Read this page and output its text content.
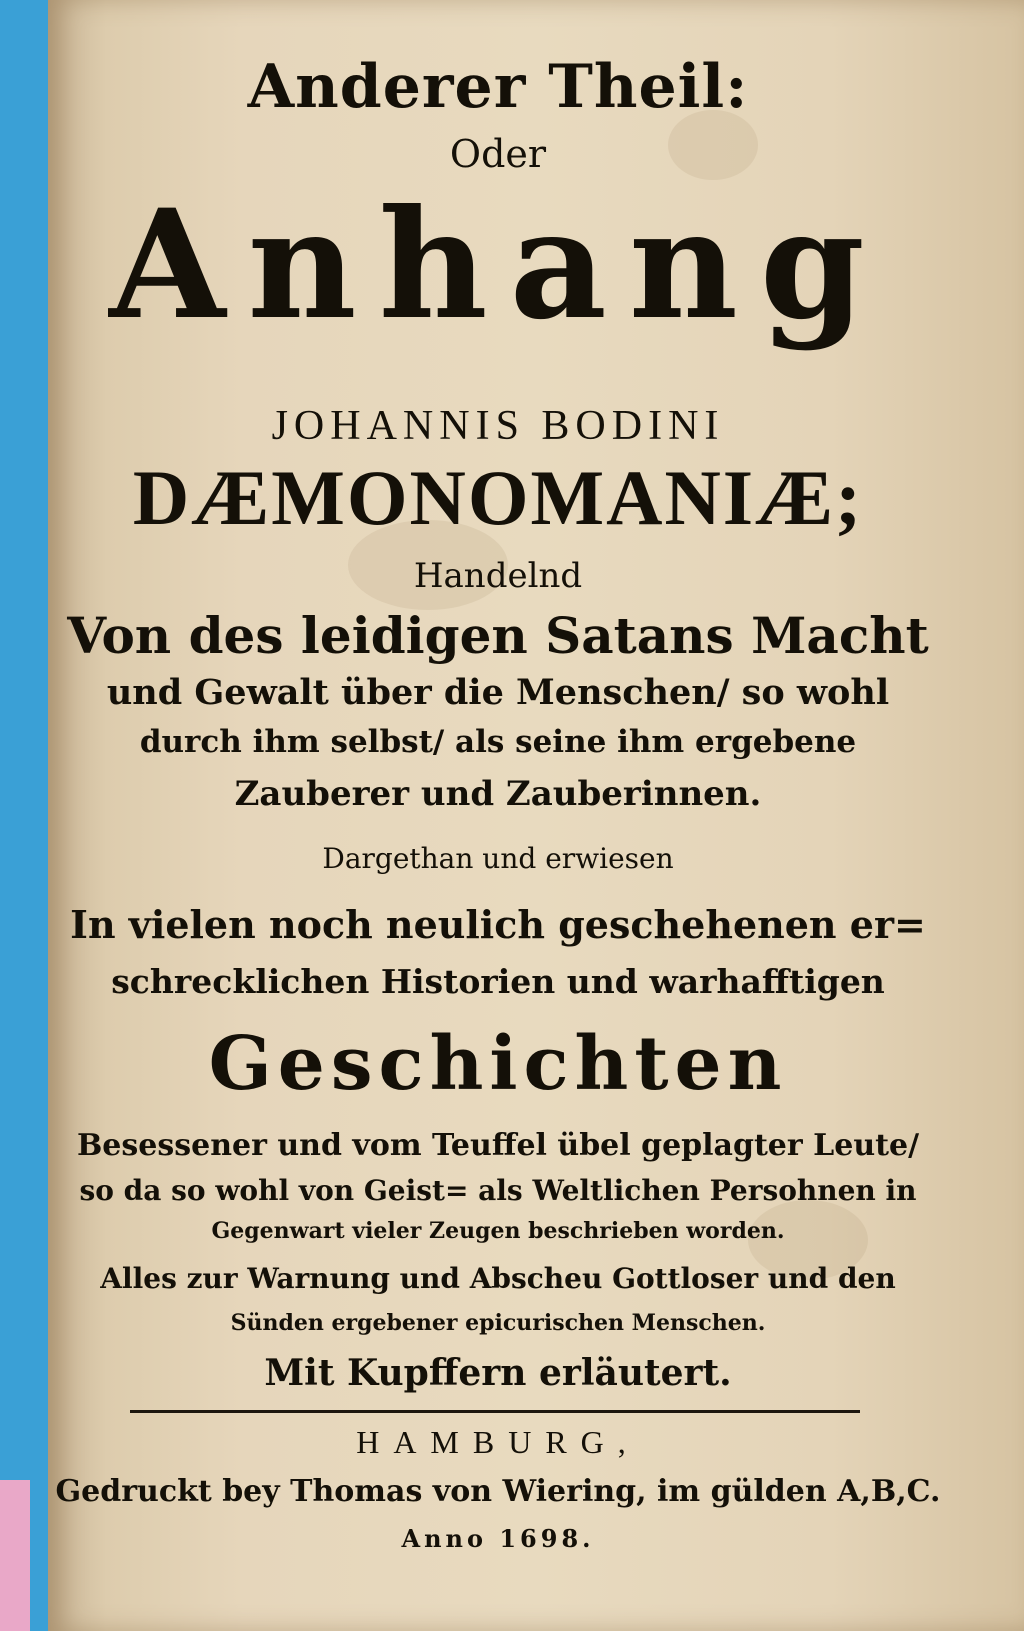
Anderer Theil:
Oder
Anhang
JOHANNIS BODINI
DÆMONOMANIÆ;
Handelnd
Von des leidigen Satans Macht
und Gewalt über die Menschen/ so wohl
durch ihm selbst/ als seine ihm ergebene
Zauberer und Zauberinnen.
Dargethan und erwiesen
In vielen noch neulich geschehenen er=
schrecklichen Historien und warhafftigen
Geschichten
Besessener und vom Teuffel übel geplagter Leute/
so da so wohl von Geist= als Weltlichen Persohnen in
Gegenwart vieler Zeugen beschrieben worden.
Alles zur Warnung und Abscheu Gottloser und den
Sünden ergebener epicurischen Menschen.
Mit Kupffern erläutert.
HAMBURG,
Gedruckt bey Thomas von Wiering, im gülden A,B,C.
Anno 1698.
